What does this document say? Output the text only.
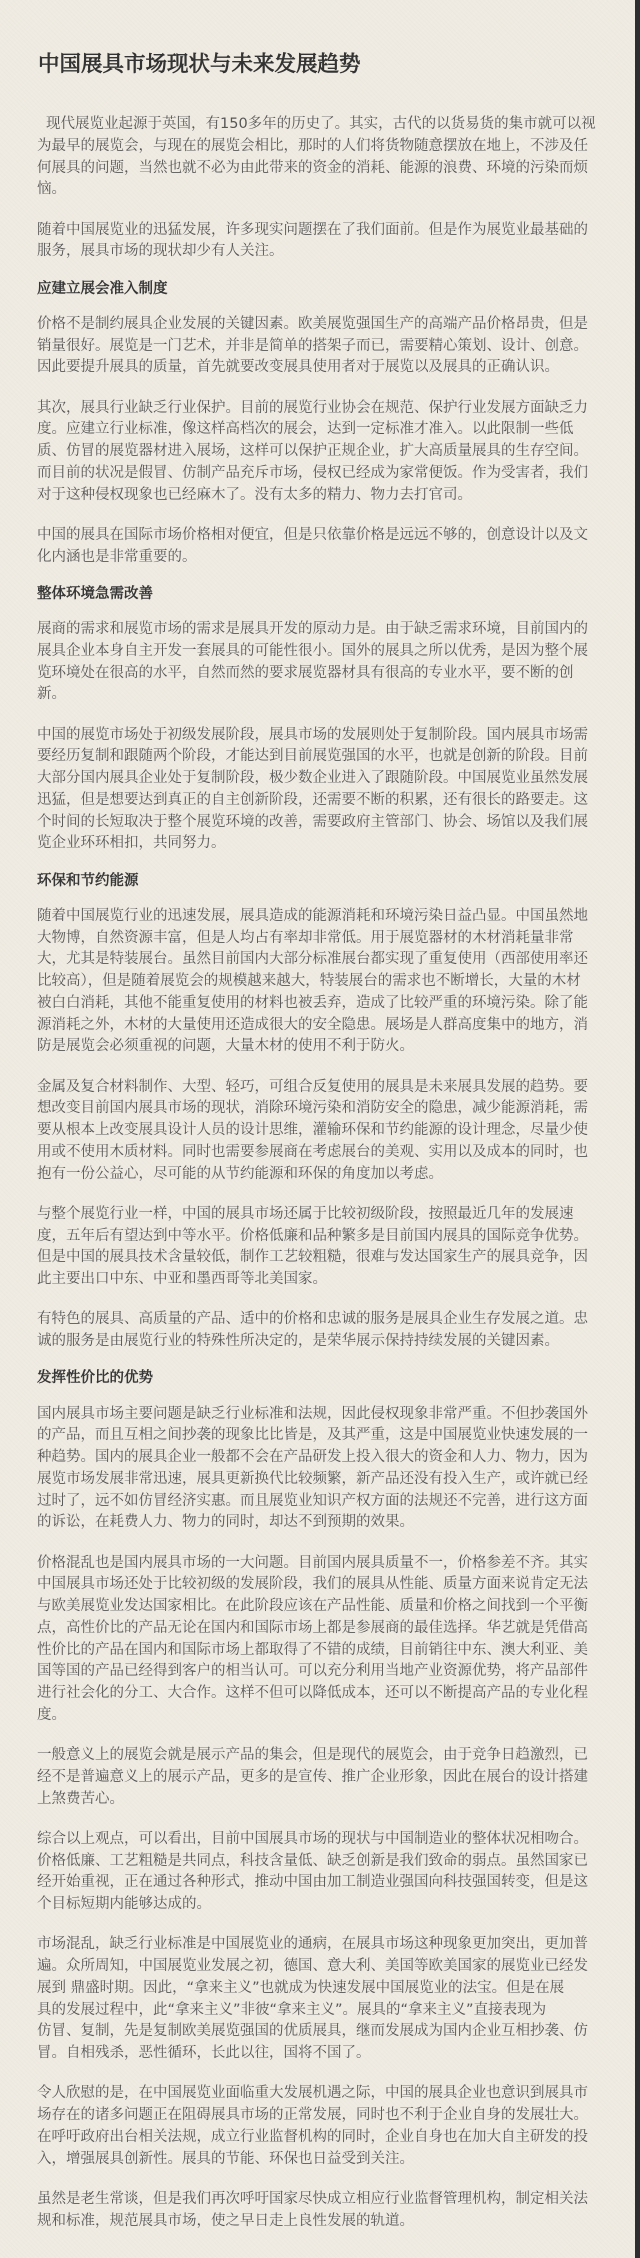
中国展具市场现状与未来发展趋势

现代展览业起源于英国，有150多年的历史了。其实，古代的以货易货的集市就可以视
为最早的展览会，与现在的展览会相比，那时的人们将货物随意摆放在地上，不涉及任
何展具的问题，当然也就不必为由此带来的资金的消耗、能源的浪费、环境的污染而烦
恼。

随着中国展览业的迅猛发展，许多现实问题摆在了我们面前。但是作为展览业最基础的
服务，展具市场的现状却少有人关注。

应建立展会准入制度

价格不是制约展具企业发展的关键因素。欧美展览强国生产的高端产品价格昂贵，但是
销量很好。展览是一门艺术，并非是简单的搭架子而已，需要精心策划、设计、创意。
因此要提升展具的质量，首先就要改变展具使用者对于展览以及展具的正确认识。

其次，展具行业缺乏行业保护。目前的展览行业协会在规范、保护行业发展方面缺乏力
度。应建立行业标准，像这样高档次的展会，达到一定标准才准入。以此限制一些低
质、仿冒的展览器材进入展场，这样可以保护正规企业，扩大高质量展具的生存空间。
而目前的状况是假冒、仿制产品充斥市场，侵权已经成为家常便饭。作为受害者，我们
对于这种侵权现象也已经麻木了。没有太多的精力、物力去打官司。

中国的展具在国际市场价格相对便宜，但是只依靠价格是远远不够的，创意设计以及文
化内涵也是非常重要的。

整体环境急需改善

展商的需求和展览市场的需求是展具开发的原动力是。由于缺乏需求环境，目前国内的
展具企业本身自主开发一套展具的可能性很小。国外的展具之所以优秀，是因为整个展
览环境处在很高的水平，自然而然的要求展览器材具有很高的专业水平，要不断的创
新。

中国的展览市场处于初级发展阶段，展具市场的发展则处于复制阶段。国内展具市场需
要经历复制和跟随两个阶段，才能达到目前展览强国的水平，也就是创新的阶段。目前
大部分国内展具企业处于复制阶段，极少数企业进入了跟随阶段。中国展览业虽然发展
迅猛，但是想要达到真正的自主创新阶段，还需要不断的积累，还有很长的路要走。这
个时间的长短取决于整个展览环境的改善，需要政府主管部门、协会、场馆以及我们展
览企业环环相扣，共同努力。

环保和节约能源

随着中国展览行业的迅速发展，展具造成的能源消耗和环境污染日益凸显。中国虽然地
大物博，自然资源丰富，但是人均占有率却非常低。用于展览器材的木材消耗量非常
大，尤其是特装展台。虽然目前国内大部分标准展台都实现了重复使用（西部使用率还
比较高），但是随着展览会的规模越来越大，特装展台的需求也不断增长，大量的木材
被白白消耗，其他不能重复使用的材料也被丢弃，造成了比较严重的环境污染。除了能
源消耗之外，木材的大量使用还造成很大的安全隐患。展场是人群高度集中的地方，消
防是展览会必须重视的问题，大量木材的使用不利于防火。

金属及复合材料制作、大型、轻巧，可组合反复使用的展具是未来展具发展的趋势。要
想改变目前国内展具市场的现状，消除环境污染和消防安全的隐患，减少能源消耗，需
要从根本上改变展具设计人员的设计思维，灌输环保和节约能源的设计理念，尽量少使
用或不使用木质材料。同时也需要参展商在考虑展台的美观、实用以及成本的同时，也
抱有一份公益心，尽可能的从节约能源和环保的角度加以考虑。

与整个展览行业一样，中国的展具市场还属于比较初级阶段，按照最近几年的发展速
度，五年后有望达到中等水平。价格低廉和品种繁多是目前国内展具的国际竞争优势。
但是中国的展具技术含量较低，制作工艺较粗糙，很难与发达国家生产的展具竞争，因
此主要出口中东、中亚和墨西哥等北美国家。

有特色的展具、高质量的产品、适中的价格和忠诚的服务是展具企业生存发展之道。忠
诚的服务是由展览行业的特殊性所决定的，是荣华展示保持持续发展的关键因素。

发挥性价比的优势

国内展具市场主要问题是缺乏行业标准和法规，因此侵权现象非常严重。不但抄袭国外
的产品，而且互相之间抄袭的现象比比皆是，及其严重，这是中国展览业快速发展的一
种趋势。国内的展具企业一般都不会在产品研发上投入很大的资金和人力、物力，因为
展览市场发展非常迅速，展具更新换代比较频繁，新产品还没有投入生产，或许就已经
过时了，远不如仿冒经济实惠。而且展览业知识产权方面的法规还不完善，进行这方面
的诉讼，在耗费人力、物力的同时，却达不到预期的效果。

价格混乱也是国内展具市场的一大问题。目前国内展具质量不一，价格参差不齐。其实
中国展具市场还处于比较初级的发展阶段，我们的展具从性能、质量方面来说肯定无法
与欧美展览业发达国家相比。在此阶段应该在产品性能、质量和价格之间找到一个平衡
点，高性价比的产品无论在国内和国际市场上都是参展商的最佳选择。华艺就是凭借高
性价比的产品在国内和国际市场上都取得了不错的成绩，目前销往中东、澳大利亚、美
国等国的产品已经得到客户的相当认可。可以充分利用当地产业资源优势，将产品部件
进行社会化的分工、大合作。这样不但可以降低成本，还可以不断提高产品的专业化程
度。

一般意义上的展览会就是展示产品的集会，但是现代的展览会，由于竞争日趋激烈，已
经不是普遍意义上的展示产品，更多的是宣传、推广企业形象，因此在展台的设计搭建
上煞费苦心。

综合以上观点，可以看出，目前中国展具市场的现状与中国制造业的整体状况相吻合。
价格低廉、工艺粗糙是共同点，科技含量低、缺乏创新是我们致命的弱点。虽然国家已
经开始重视，正在通过各种形式，推动中国由加工制造业强国向科技强国转变，但是这
个目标短期内能够达成的。

市场混乱，缺乏行业标准是中国展览业的通病，在展具市场这种现象更加突出，更加普
遍。众所周知，中国展览业发展之初，德国、意大利、美国等欧美国家的展览业已经发
展到 鼎盛时期。因此，“拿来主义”也就成为快速发展中国展览业的法宝。但是在展
具的发展过程中，此“拿来主义”非彼“拿来主义”。展具的“拿来主义”直接表现为
仿冒、复制，先是复制欧美展览强国的优质展具，继而发展成为国内企业互相抄袭、仿
冒。自相残杀，恶性循环，长此以往，国将不国了。

令人欣慰的是，在中国展览业面临重大发展机遇之际，中国的展具企业也意识到展具市
场存在的诸多问题正在阻碍展具市场的正常发展，同时也不利于企业自身的发展壮大。
在呼吁政府出台相关法规，成立行业监督机构的同时，企业自身也在加大自主研发的投
入，增强展具创新性。展具的节能、环保也日益受到关注。

虽然是老生常谈，但是我们再次呼吁国家尽快成立相应行业监督管理机构，制定相关法
规和标准，规范展具市场，使之早日走上良性发展的轨道。
